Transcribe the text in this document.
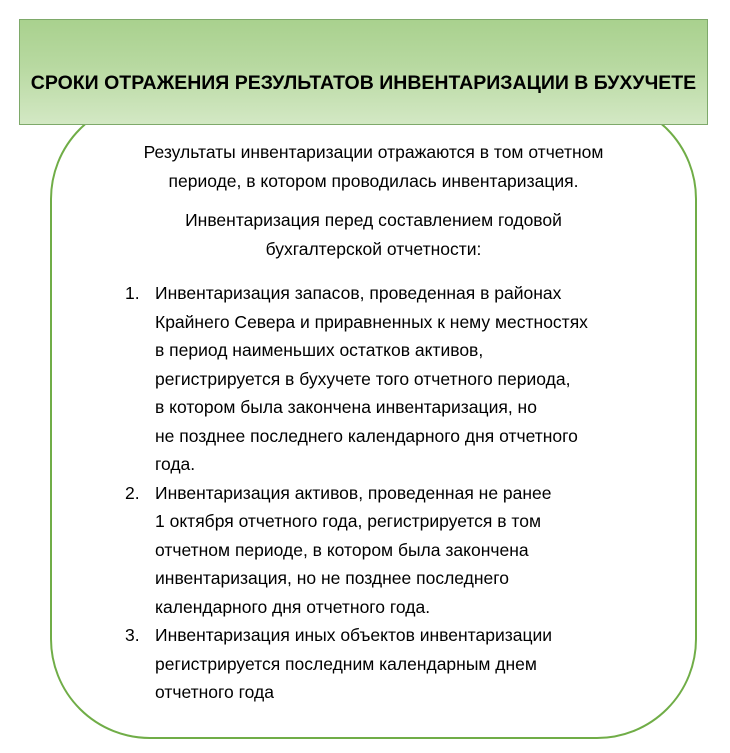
Результаты инвентаризации отражаются в том отчетном
периоде, в котором проводилась инвентаризация.
Инвентаризация перед составлением годовой
бухгалтерской отчетности:
1. Инвентаризация запасов, проведенная в районах
Крайнего Севера и приравненных к нему местностях
в период наименьших остатков активов,
регистрируется в бухучете того отчетного периода,
в котором была закончена инвентаризация, но
не позднее последнего календарного дня отчетного
года.
2. Инвентаризация активов, проведенная не ранее
1 октября отчетного года, регистрируется в том
отчетном периоде, в котором была закончена
инвентаризация, но не позднее последнего
календарного дня отчетного года.
3. Инвентаризация иных объектов инвентаризации
регистрируется последним календарным днем
отчетного года
СРОКИ ОТРАЖЕНИЯ РЕЗУЛЬТАТОВ ИНВЕНТАРИЗАЦИИ В БУХУЧЕТЕ
